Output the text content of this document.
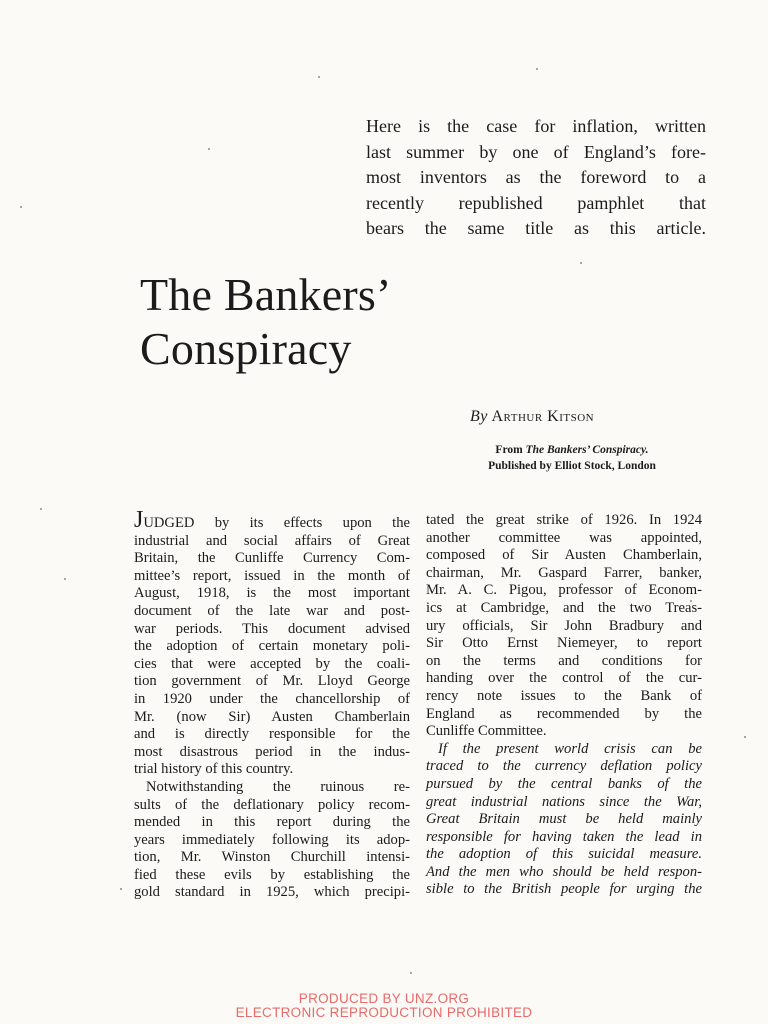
Here is the case for inflation, written
last summer by one of England’s fore-
most inventors as the foreword to a
recently republished pamphlet that
bears the same title as this article.

The Bankers’
Conspiracy

By Arthur Kitson

From The Bankers’ Conspiracy.
Published by Elliot Stock, London

JUDGED by its effects upon the
industrial and social affairs of Great
Britain, the Cunliffe Currency Com-
mittee’s report, issued in the month of
August, 1918, is the most important
document of the late war and post-
war periods. This document advised
the adoption of certain monetary poli-
cies that were accepted by the coali-
tion government of Mr. Lloyd George
in 1920 under the chancellorship of
Mr. (now Sir) Austen Chamberlain
and is directly responsible for the
most disastrous period in the indus-
trial history of this country.
Notwithstanding the ruinous re-
sults of the deflationary policy recom-
mended in this report during the
years immediately following its adop-
tion, Mr. Winston Churchill intensi-
fied these evils by establishing the
gold standard in 1925, which precipi-
tated the great strike of 1926. In 1924
another committee was appointed,
composed of Sir Austen Chamberlain,
chairman, Mr. Gaspard Farrer, banker,
Mr. A. C. Pigou, professor of Econom-
ics at Cambridge, and the two Treas-
ury officials, Sir John Bradbury and
Sir Otto Ernst Niemeyer, to report
on the terms and conditions for
handing over the control of the cur-
rency note issues to the Bank of
England as recommended by the
Cunliffe Committee.
If the present world crisis can be
traced to the currency deflation policy
pursued by the central banks of the
great industrial nations since the War,
Great Britain must be held mainly
responsible for having taken the lead in
the adoption of this suicidal measure.
And the men who should be held respon-
sible to the British people for urging the

PRODUCED BY UNZ.ORG

ELECTRONIC REPRODUCTION PROHIBITED
